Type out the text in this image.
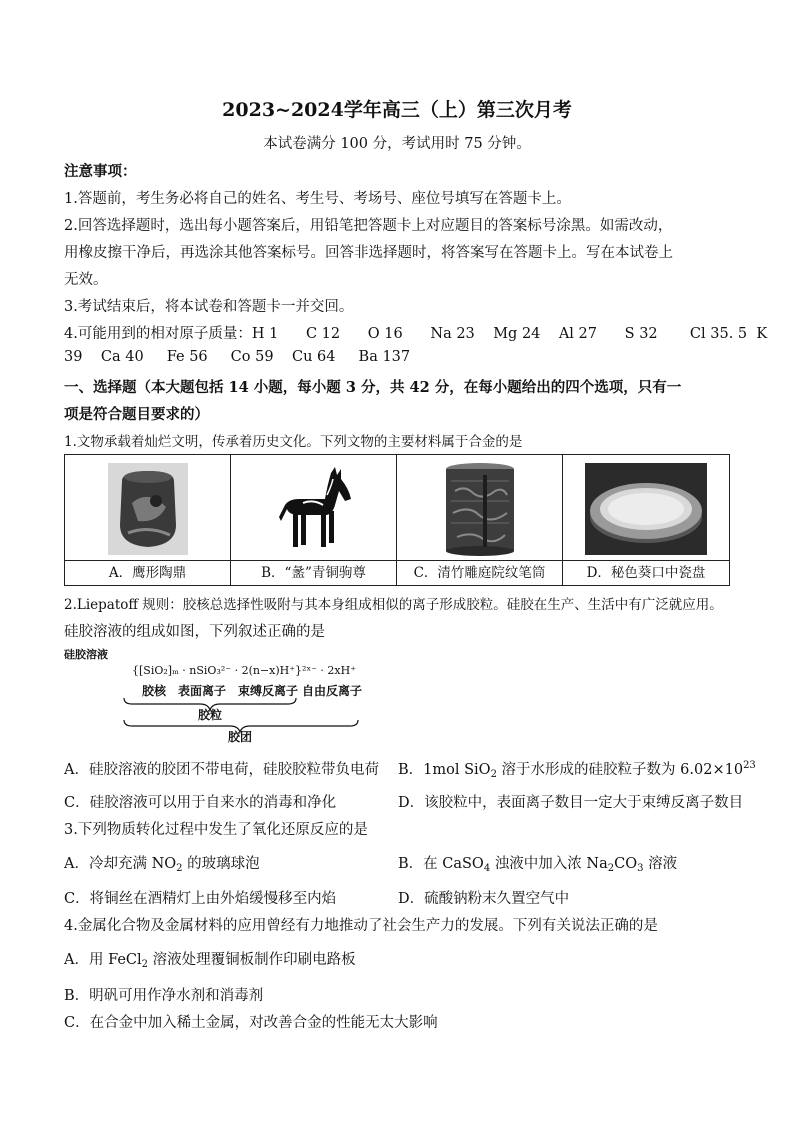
2023~2024学年高三（上）第三次月考
本试卷满分 100 分，考试用时 75 分钟。
注意事项：
1.答题前，考生务必将自己的姓名、考生号、考场号、座位号填写在答题卡上。
2.回答选择题时，选出每小题答案后，用铅笔把答题卡上对应题目的答案标号涂黑。如需改动，
用橡皮擦干净后，再选涂其他答案标号。回答非选择题时，将答案写在答题卡上。写在本试卷上
无效。
3.考试结束后，将本试卷和答题卡一并交回。
4.可能用到的相对原子质量：H 1      C 12      O 16      Na 23    Mg 24    Al 27      S 32       Cl 35. 5  K
39    Ca 40     Fe 56     Co 59    Cu 64     Ba 137
一、选择题（本大题包括 14 小题，每小题 3 分，共 42 分，在每小题给出的四个选项，只有一
项是符合题目要求的）
1.文物承载着灿烂文明，传承着历史文化。下列文物的主要材料属于合金的是
A．鹰形陶鼎	B．“盠”青铜驹尊	C．清竹雕庭院纹笔筒	D．秘色葵口中瓷盘
2.Liepatoff 规则：胶核总选择性吸附与其本身组成相似的离子形成胶粒。硅胶在生产、生活中有广泛就应用。
硅胶溶液的组成如图，下列叙述正确的是
硅胶溶液
{[SiO₂]ₘ · nSiO₃²⁻ · 2(n−x)H⁺}²ˣ⁻ · 2xH⁺
胶核 表面离子 束缚反离子 自由反离子
胶粒
胶团
A．硅胶溶液的胶团不带电荷，硅胶胶粒带负电荷 B．1mol SiO$_2$ 溶于水形成的硅胶粒子数为 $6.02\times 10^{23}$
C．硅胶溶液可以用于自来水的消毒和净化	D．该胶粒中，表面离子数目一定大于束缚反离子数目
3.下列物质转化过程中发生了氧化还原反应的是
A．冷却充满 $NO_2$ 的玻璃球泡	B．在 CaSO$_4$ 浊液中加入浓 $Na_2CO_3$ 溶液
C．将铜丝在酒精灯上由外焰缓慢移至内焰	D．硫酸钠粉末久置空气中
4.金属化合物及金属材料的应用曾经有力地推动了社会生产力的发展。下列有关说法正确的是
A．用 FeCl$_2$ 溶液处理覆铜板制作印刷电路板
B．明矾可用作净水剂和消毒剂
C．在合金中加入稀土金属，对改善合金的性能无太大影响
